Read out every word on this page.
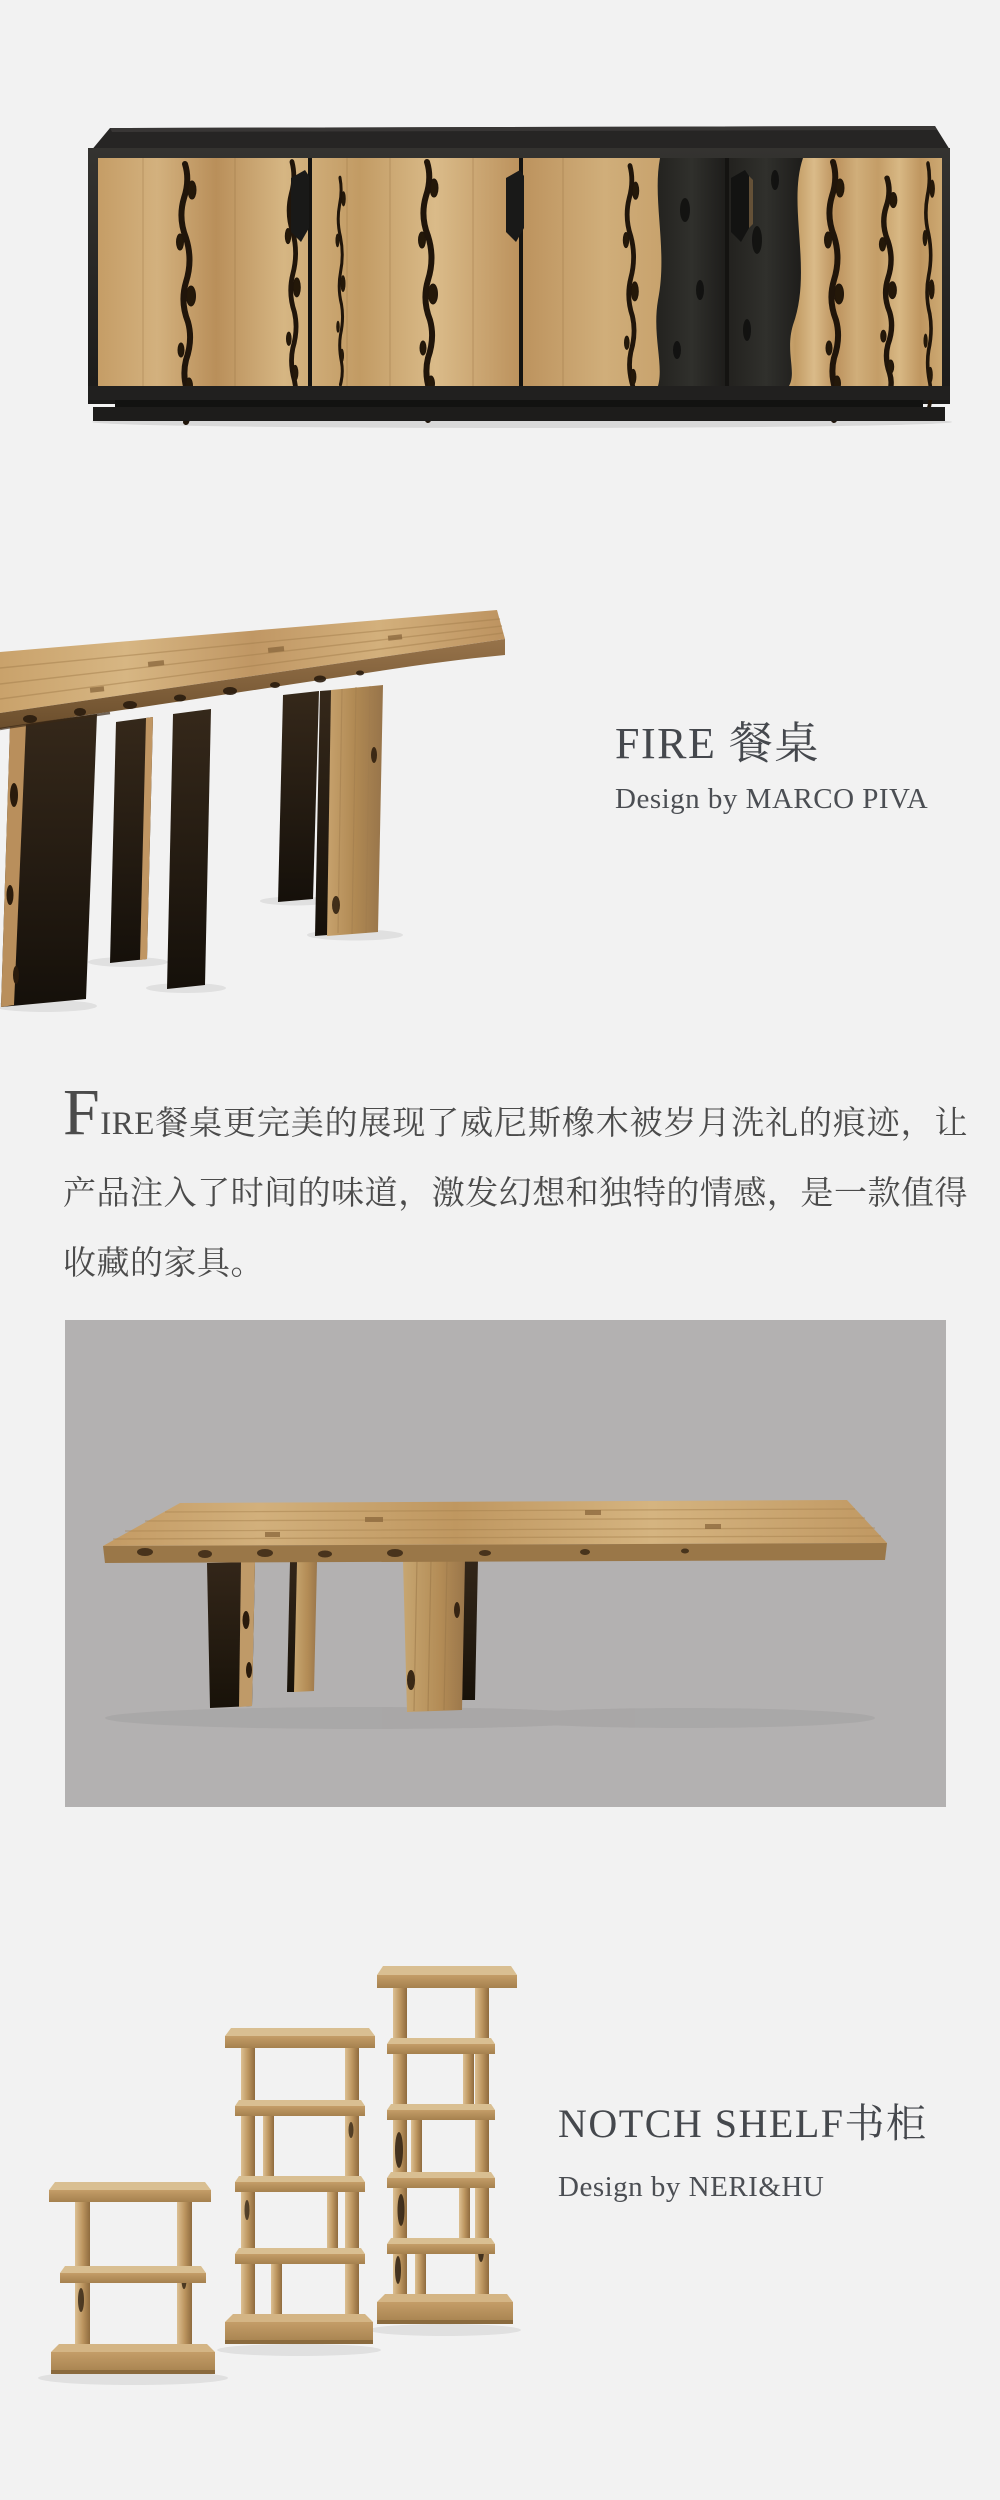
FIRE 餐桌
Design by MARCO PIVA

FIRE餐桌更完美的展现了威尼斯橡木被岁月洗礼的痕迹，让产品注入了时间的味道，激发幻想和独特的情感，是一款值得收藏的家具。

NOTCH SHELF书柜
Design by NERI&HU
